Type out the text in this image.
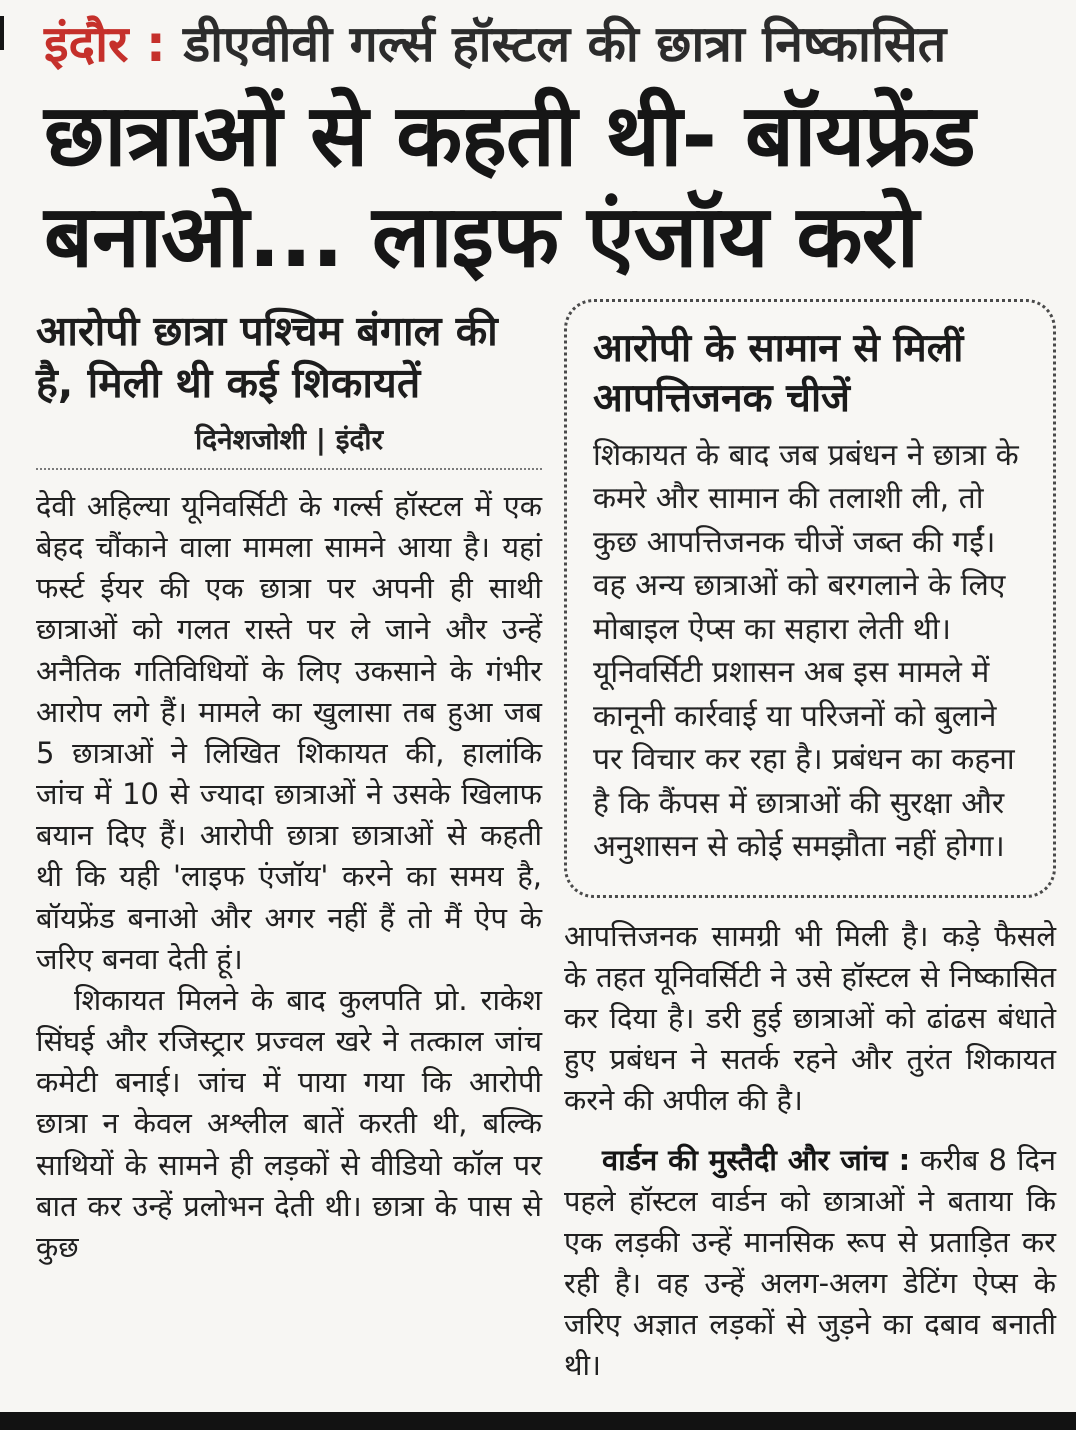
इंदौर : डीएवीवी गर्ल्स हॉस्टल की छात्रा निष्कासित
छात्राओं से कहती थी- बॉयफ्रेंड
बनाओ... लाइफ एंजॉय करो
आरोपी छात्रा पश्चिम बंगाल की है, मिली थी कई शिकायतें
दिनेशजोशी | इंदौर

देवी अहिल्या यूनिवर्सिटी के गर्ल्स हॉस्टल में एक बेहद चौंकाने वाला मामला सामने आया है। यहां फर्स्ट ईयर की एक छात्रा पर अपनी ही साथी छात्राओं को गलत रास्ते पर ले जाने और उन्हें अनैतिक गतिविधियों के लिए उकसाने के गंभीर आरोप लगे हैं। मामले का खुलासा तब हुआ जब 5 छात्राओं ने लिखित शिकायत की, हालांकि जांच में 10 से ज्यादा छात्राओं ने उसके खिलाफ बयान दिए हैं। आरोपी छात्रा छात्राओं से कहती थी कि यही 'लाइफ एंजॉय' करने का समय है, बॉयफ्रेंड बनाओ और अगर नहीं हैं तो मैं ऐप के जरिए बनवा देती हूं।

शिकायत मिलने के बाद कुलपति प्रो. राकेश सिंघई और रजिस्ट्रार प्रज्वल खरे ने तत्काल जांच कमेटी बनाई। जांच में पाया गया कि आरोपी छात्रा न केवल अश्लील बातें करती थी, बल्कि साथियों के सामने ही लड़कों से वीडियो कॉल पर बात कर उन्हें प्रलोभन देती थी। छात्रा के पास से कुछ

आरोपी के सामान से मिलीं
आपत्तिजनक चीजें

शिकायत के बाद जब प्रबंधन ने छात्रा के कमरे और सामान की तलाशी ली, तो कुछ आपत्तिजनक चीजें जब्त की गईं। वह अन्य छात्राओं को बरगलाने के लिए मोबाइल ऐप्स का सहारा लेती थी। यूनिवर्सिटी प्रशासन अब इस मामले में कानूनी कार्रवाई या परिजनों को बुलाने पर विचार कर रहा है। प्रबंधन का कहना है कि कैंपस में छात्राओं की सुरक्षा और अनुशासन से कोई समझौता नहीं होगा।

आपत्तिजनक सामग्री भी मिली है। कड़े फैसले के तहत यूनिवर्सिटी ने उसे हॉस्टल से निष्कासित कर दिया है। डरी हुई छात्राओं को ढांढस बंधाते हुए प्रबंधन ने सतर्क रहने और तुरंत शिकायत करने की अपील की है।

वार्डन की मुस्तैदी और जांच : करीब 8 दिन पहले हॉस्टल वार्डन को छात्राओं ने बताया कि एक लड़की उन्हें मानसिक रूप से प्रताड़ित कर रही है। वह उन्हें अलग-अलग डेटिंग ऐप्स के जरिए अज्ञात लड़कों से जुड़ने का दबाव बनाती थी।
